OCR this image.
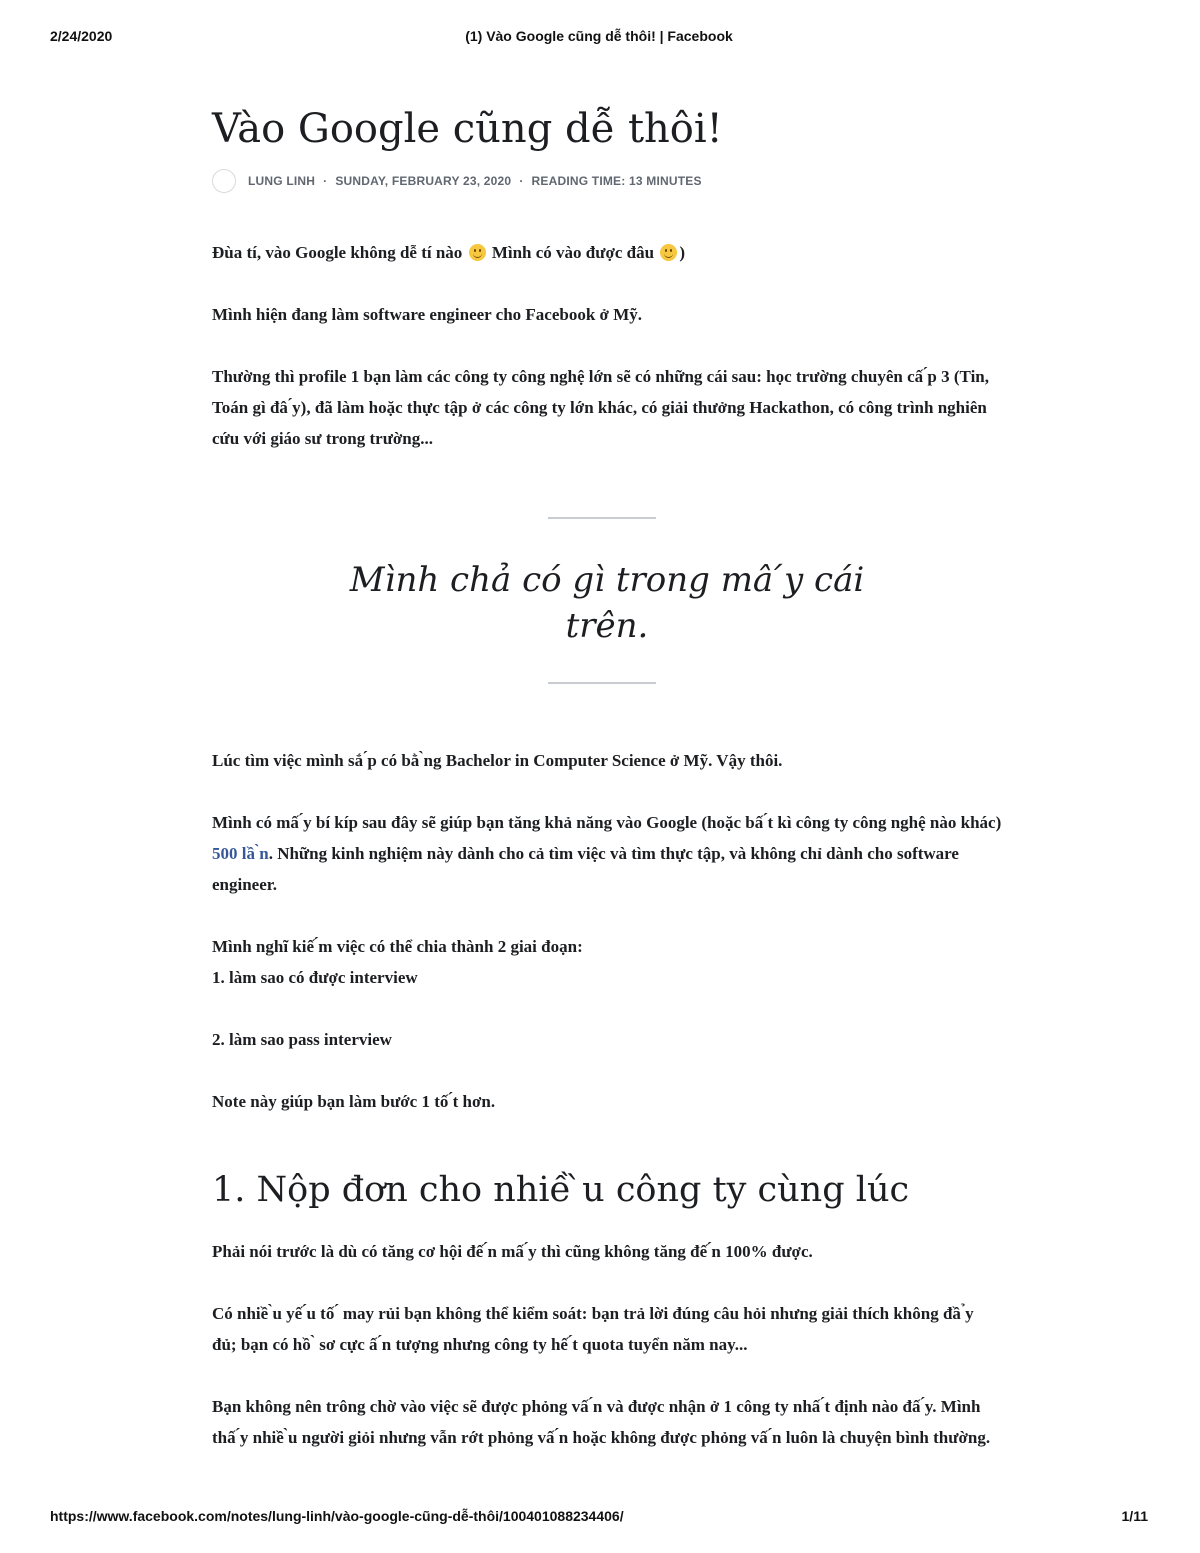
2/24/2020	(1) Vào Google cũng dễ thôi! | Facebook
Vào Google cũng dễ thôi!
LUNG LINH · SUNDAY, FEBRUARY 23, 2020 · READING TIME: 13 MINUTES

Đùa tí, vào Google không dễ tí nào Mình có vào được đâu )

Mình hiện đang làm software engineer cho Facebook ở Mỹ.

Thường thì profile 1 bạn làm các công ty công nghệ lớn sẽ có những cái sau: học trường chuyên cấ ́p 3 (Tin, Toán gì đâ ́y), đã làm hoặc thực tập ở các công ty lớn khác, có giải thưởng Hackathon, có công trình nghiên cứu với giáo sư trong trường...

Mình chả có gì trong mâ ́y cái
trên.

Lúc tìm việc mình sắ ́p có bằ ̀ng Bachelor in Computer Science ở Mỹ. Vậy thôi.

Mình có mấ ́y bí kíp sau đây sẽ giúp bạn tăng khả năng vào Google (hoặc bấ ́t kì công ty công nghệ nào khác) 500 lầ ̀n. Những kinh nghiệm này dành cho cả tìm việc và tìm thực tập, và không chỉ dành cho software engineer.

Mình nghĩ kiế ́m việc có thể chia thành 2 giai đoạn:
1. làm sao có được interview

2. làm sao pass interview

Note này giúp bạn làm bước 1 tố ́t hơn.

1. Nộp đơn cho nhiề ̀u công ty cùng lúc

Phải nói trước là dù có tăng cơ hội đế ́n mấ ́y thì cũng không tăng đế ́n 100% được.

Có nhiề ̀u yế ́u tố ́ may rủi bạn không thể kiểm soát: bạn trả lời đúng câu hỏi nhưng giải thích không đầ ̉y đủ; bạn có hồ ̀ sơ cực ấ ́n tượng nhưng công ty hế ́t quota tuyển năm nay...

Bạn không nên trông chờ vào việc sẽ được phỏng vấ ́n và được nhận ở 1 công ty nhấ ́t định nào đấ ́y. Mình thấ ́y nhiề ̀u người giỏi nhưng vẫn rớt phỏng vấ ́n hoặc không được phỏng vấ ́n luôn là chuyện bình thường.

https://www.facebook.com/notes/lung-linh/vào-google-cũng-dễ-thôi/100401088234406/	1/11
